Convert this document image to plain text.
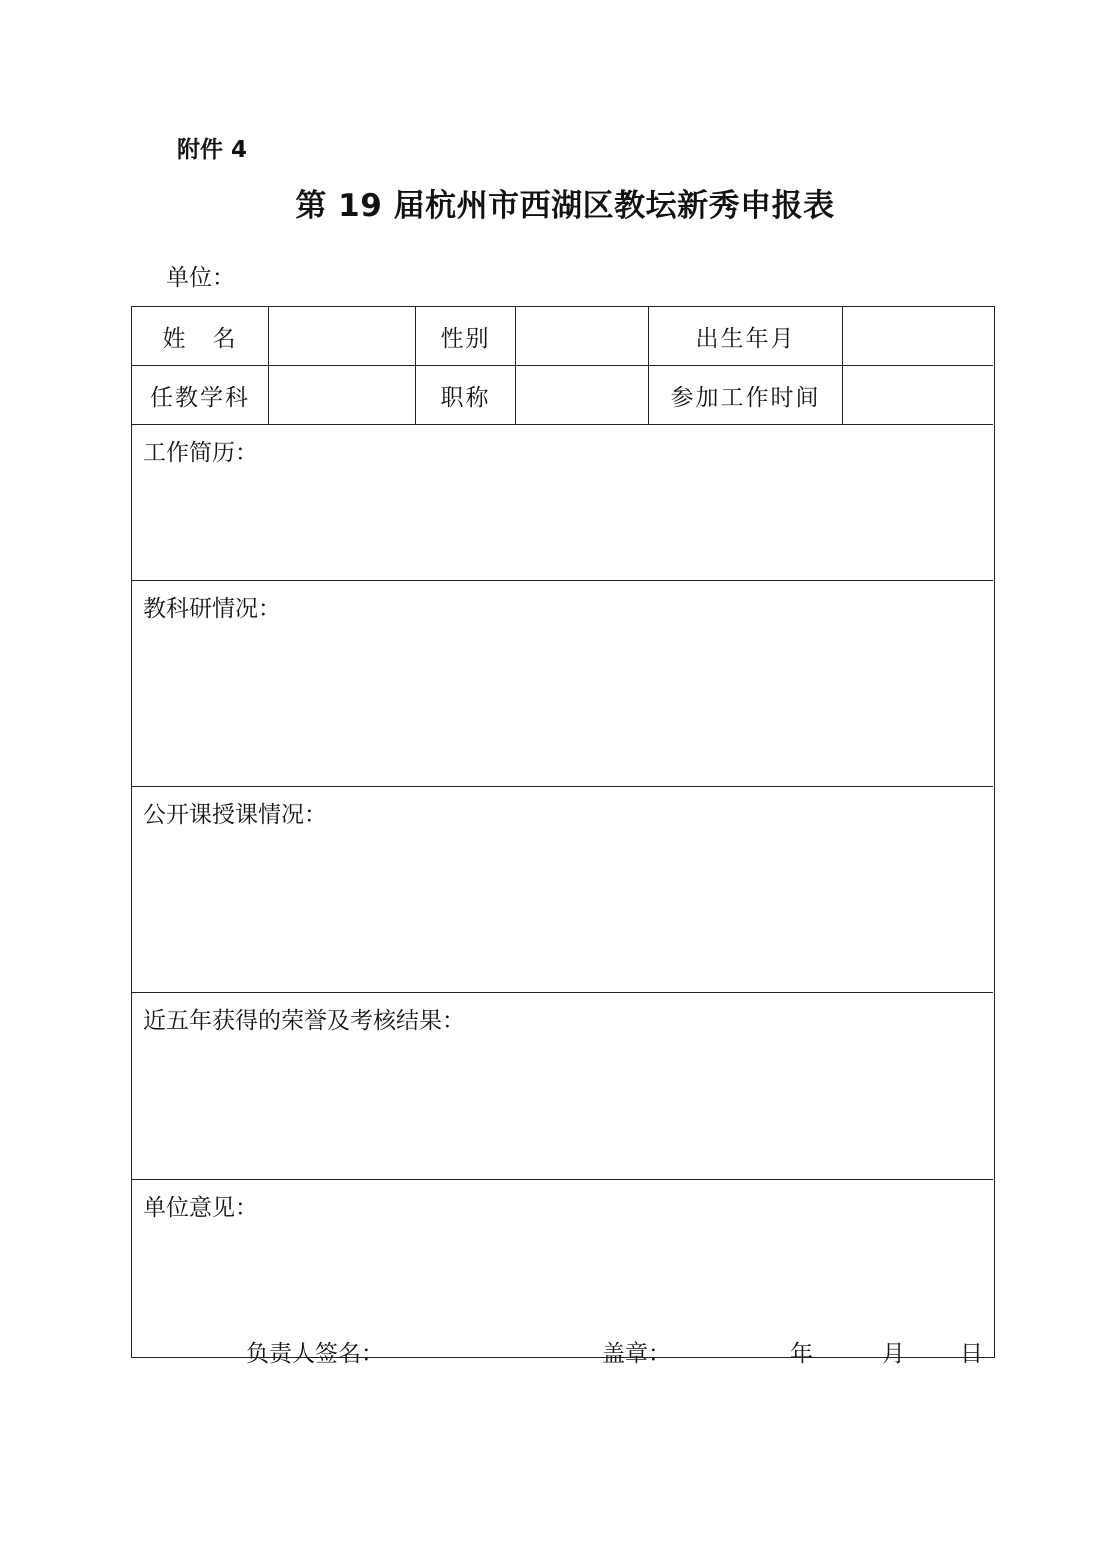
附件 4
第 19 届杭州市西湖区教坛新秀申报表
单位：
姓　名	性别	出生年月
任教学科	职称	参加工作时间
工作简历：
教科研情况：
公开课授课情况：
近五年获得的荣誉及考核结果：
单位意见：
负责人签名：	盖章：	年	月 日
